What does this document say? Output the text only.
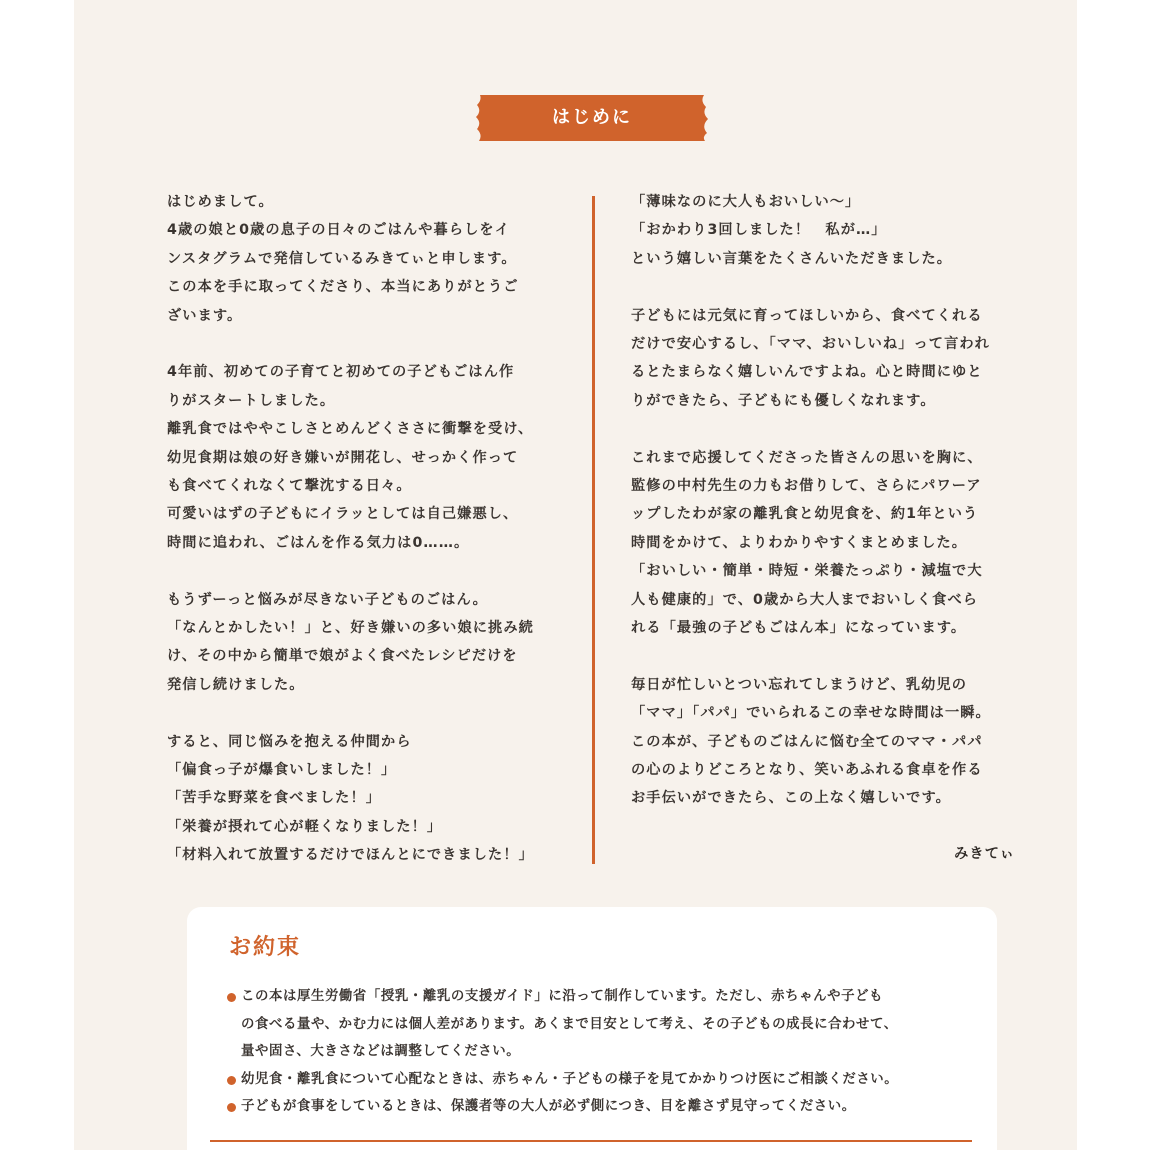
はじめに

はじめまして。

4歳の娘と0歳の息子の日々のごはんや暮らしをイ

ンスタグラムで発信しているみきてぃと申します。

この本を手に取ってくださり、本当にありがとうご

ざいます。

4年前、初めての子育てと初めての子どもごはん作

りがスタートしました。

離乳食ではややこしさとめんどくささに衝撃を受け、

幼児食期は娘の好き嫌いが開花し、せっかく作って

も食べてくれなくて撃沈する日々。

可愛いはずの子どもにイラッとしては自己嫌悪し、

時間に追われ、ごはんを作る気力は0……。

もうずーっと悩みが尽きない子どものごはん。

「なんとかしたい！」と、好き嫌いの多い娘に挑み続

け、その中から簡単で娘がよく食べたレシピだけを

発信し続けました。

すると、同じ悩みを抱える仲間から

「偏食っ子が爆食いしました！」

「苦手な野菜を食べました！」

「栄養が摂れて心が軽くなりました！」

「材料入れて放置するだけでほんとにできました！」

「薄味なのに大人もおいしい〜」

「おかわり3回しました！　私が…」

という嬉しい言葉をたくさんいただきました。

子どもには元気に育ってほしいから、食べてくれる

だけで安心するし、「ママ、おいしいね」って言われ

るとたまらなく嬉しいんですよね。心と時間にゆと

りができたら、子どもにも優しくなれます。

これまで応援してくださった皆さんの思いを胸に、

監修の中村先生の力もお借りして、さらにパワーア

ップしたわが家の離乳食と幼児食を、約1年という

時間をかけて、よりわかりやすくまとめました。

「おいしい・簡単・時短・栄養たっぷり・減塩で大

人も健康的」で、0歳から大人までおいしく食べら

れる「最強の子どもごはん本」になっています。

毎日が忙しいとつい忘れてしまうけど、乳幼児の

「ママ」「パパ」でいられるこの幸せな時間は一瞬。

この本が、子どものごはんに悩む全てのママ・パパ

の心のよりどころとなり、笑いあふれる食卓を作る

お手伝いができたら、この上なく嬉しいです。

みきてぃ
お約束
この本は厚生労働省「授乳・離乳の支援ガイド」に沿って制作しています。ただし、赤ちゃんや子ども
の食べる量や、かむ力には個人差があります。あくまで目安として考え、その子どもの成長に合わせて、
量や固さ、大きさなどは調整してください。
幼児食・離乳食について心配なときは、赤ちゃん・子どもの様子を見てかかりつけ医にご相談ください。
子どもが食事をしているときは、保護者等の大人が必ず側につき、目を離さず見守ってください。
